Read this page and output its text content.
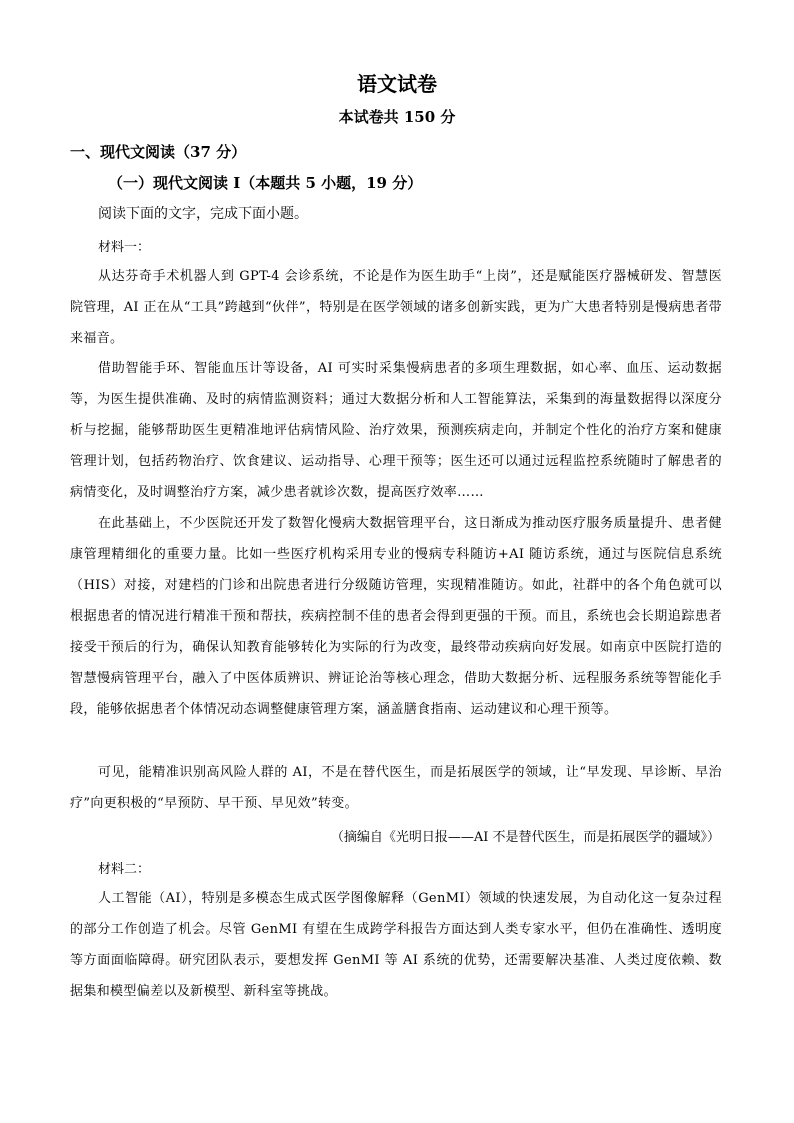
语文试卷
本试卷共 150 分
一、现代文阅读（37 分）
（一）现代文阅读 I（本题共 5 小题，19 分）
阅读下面的文字，完成下面小题。
材料一：

从达芬奇手术机器人到 GPT-4 会诊系统，不论是作为医生助手“上岗”，还是赋能医疗器械研发、智慧医院管理，AI 正在从“工具”跨越到“伙伴”，特别是在医学领域的诸多创新实践，更为广大患者特别是慢病患者带来福音。

借助智能手环、智能血压计等设备，AI 可实时采集慢病患者的多项生理数据，如心率、血压、运动数据等，为医生提供准确、及时的病情监测资料；通过大数据分析和人工智能算法，采集到的海量数据得以深度分析与挖掘，能够帮助医生更精准地评估病情风险、治疗效果，预测疾病走向，并制定个性化的治疗方案和健康管理计划，包括药物治疗、饮食建议、运动指导、心理干预等；医生还可以通过远程监控系统随时了解患者的病情变化，及时调整治疗方案，减少患者就诊次数，提高医疗效率……

在此基础上，不少医院还开发了数智化慢病大数据管理平台，这日渐成为推动医疗服务质量提升、患者健康管理精细化的重要力量。比如一些医疗机构采用专业的慢病专科随访+AI 随访系统，通过与医院信息系统（HIS）对接，对建档的门诊和出院患者进行分级随访管理，实现精准随访。如此，社群中的各个角色就可以根据患者的情况进行精准干预和帮扶，疾病控制不佳的患者会得到更强的干预。而且，系统也会长期追踪患者接受干预后的行为，确保认知教育能够转化为实际的行为改变，最终带动疾病向好发展。如南京中医院打造的智慧慢病管理平台，融入了中医体质辨识、辨证论治等核心理念，借助大数据分析、远程服务系统等智能化手段，能够依据患者个体情况动态调整健康管理方案，涵盖膳食指南、运动建议和心理干预等。

可见，能精准识别高风险人群的 AI，不是在替代医生，而是拓展医学的领域，让“早发现、早诊断、早治疗”向更积极的“早预防、早干预、早见效”转变。

（摘编自《光明日报——AI 不是替代医生，而是拓展医学的疆域》）
材料二：

人工智能（AI），特别是多模态生成式医学图像解释（GenMI）领域的快速发展，为自动化这一复杂过程的部分工作创造了机会。尽管 GenMI 有望在生成跨学科报告方面达到人类专家水平，但仍在准确性、透明度等方面面临障碍。研究团队表示，要想发挥 GenMI 等 AI 系统的优势，还需要解决基准、人类过度依赖、数据集和模型偏差以及新模型、新科室等挑战。
